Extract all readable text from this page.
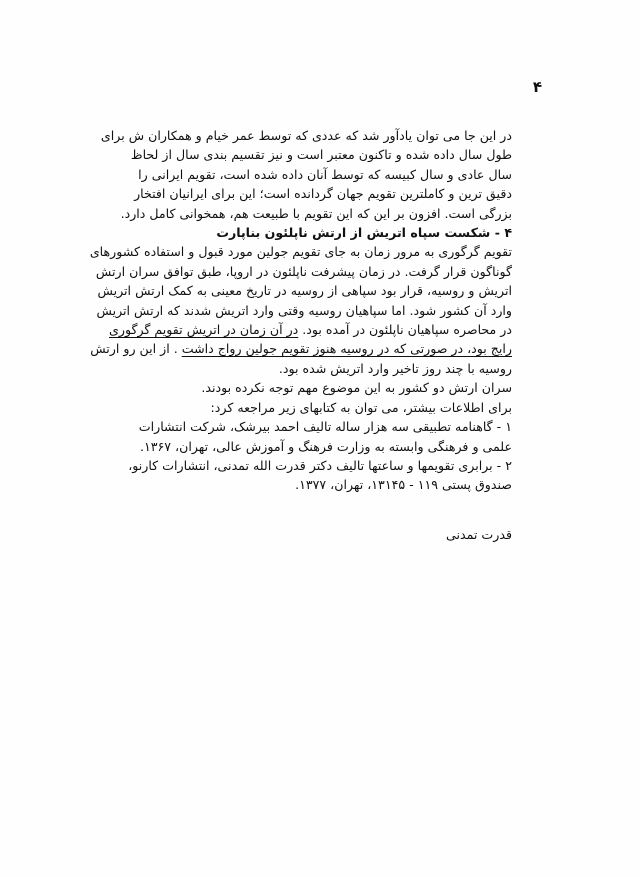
۴
در این جا می توان یادآور شد که عددی که توسط عمر خیام و همکاران ش برای
طول سال داده شده و تاکنون معتبر است و نیز تقسیم بندی سال از لحاظ
سال عادی و سال کبیسه که توسط آنان داده شده است، تقویم ایرانی را
دقیق ترین و کاملترین تقویم جهان گردانده است؛ این برای ایرانیان افتخار
بزرگی است. افزون بر این که این تقویم با طبیعت هم، همخوانی کامل دارد.
۴ - شکست سپاه اتریش از ارتش ناپلئون بناپارت
تقویم گرگوری به مرور زمان به جای تقویم جولین مورد قبول و استفاده کشورهای
گوناگون قرار گرفت. در زمان پیشرفت ناپلئون در اروپا، طبق توافق سران ارتش
اتریش و روسیه، قرار بود سپاهی از روسیه در تاریخ معینی به کمک ارتش اتریش
وارد آن کشور شود. اما سپاهیان روسیه وقتی وارد اتریش شدند که ارتش اتریش
در محاصره سپاهیان ناپلئون در آمده بود. در آن زمان در اتریش تقویم گرگوری
رایج بود، در صورتی که در روسیه هنوز تقویم جولین رواج داشت . از این رو ارتش
روسیه با چند روز تاخیر وارد اتریش شده بود.
سران ارتش دو کشور به این موضوع مهم توجه نکرده بودند.
برای اطلاعات بیشتر، می توان به کتابهای زیر مراجعه کرد:
۱ - گاهنامه تطبیقی سه هزار ساله تالیف احمد بیرشک، شرکت انتشارات
علمی و فرهنگی وابسته به وزارت فرهنگ و آموزش عالی، تهران، ۱۳۶۷.
۲ - برابری تقویمها و ساعتها تالیف دکتر قدرت الله تمدنی، انتشارات کارنو،
صندوق پستی ۱۱۹ - ۱۳۱۴۵، تهران، ۱۳۷۷.
قدرت تمدنی
